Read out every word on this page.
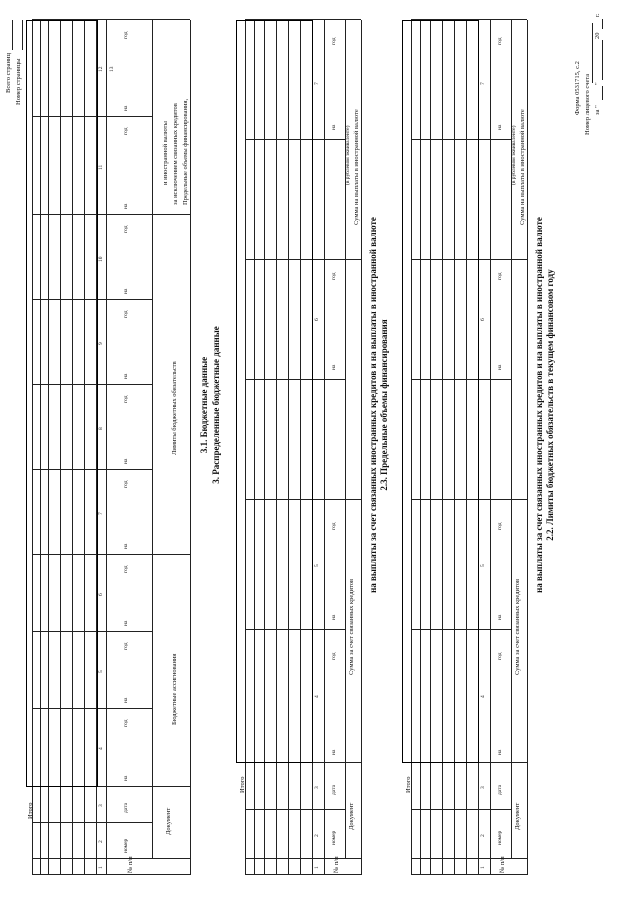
Форма 0531715, с.2 Номер лицевого счета за "
"
20
г.
2.2. Лимиты бюджетных обязательств в текущем финансовом году
на выплаты за счет связанных иностранных кредитов и на выплаты в иностранной валюте
№ п/п
Документ
номер
дата
Сумма за счет связанных кредитов
Сумма на выплаты в иностранной валюте
(в рублевом эквиваленте)
на
год
на
год
на
год
на
год
1
2
3
4
5
6
7
Итого
2.3. Предельные объемы финансирования
на выплаты за счет связанных иностранных кредитов и на выплаты в иностранной валюте
№ п/п
Документ
номер
дата
Сумма за счет связанных кредитов
Сумма на выплаты в иностранной валюте
(в рублевом эквиваленте)
на
год
на
год
на
год
на
год
1
2
3
4
5
6
7
Итого
3. Распределенные бюджетные данные
3.1. Бюджетные данные
№ п/п
Документ
номер
дата
Бюджетные ассигнования
Лимиты бюджетных обязательств
Предельные объемы финансирования,
за исключением связанных кредитов
и иностранной валюты
на
год
на
год
на
год
на
год
на
год
на
год
на
год
на
год
на
год
1
2
3
4
5
6
7
8
9
10
11
12 13
Итого
Номер страницы
Всего страниц
